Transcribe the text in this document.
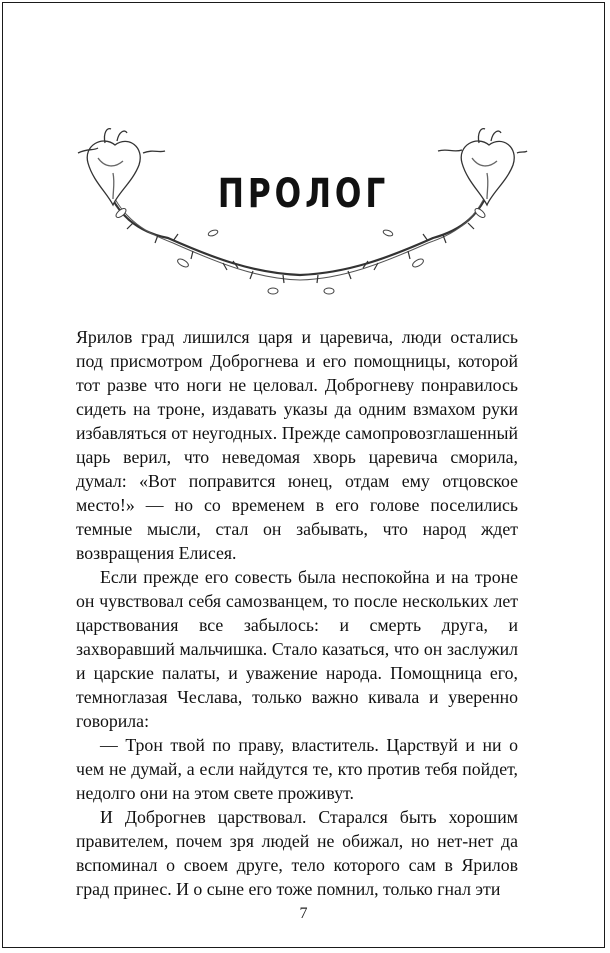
ПРОЛОГ

Ярилов град лишился царя и царевича, люди остались под присмотром Доброгнева и его помощницы, которой тот разве что ноги не целовал. Доброгневу понравилось сидеть на троне, издавать указы да одним взмахом руки избавляться от неугодных. Прежде самопровозглашенный царь верил, что неведомая хворь царевича сморила, думал: «Вот поправится юнец, отдам ему отцовское место!» — но со временем в его голове поселились темные мысли, стал он забывать, что народ ждет возвращения Елисея.

Если прежде его совесть была неспокойна и на троне он чувствовал себя самозванцем, то после нескольких лет царствования все забылось: и смерть друга, и захворавший мальчишка. Стало казаться, что он заслужил и царские палаты, и уважение народа. Помощница его, темноглазая Чеслава, только важно кивала и уверенно говорила:

— Трон твой по праву, властитель. Царствуй и ни о чем не думай, а если найдутся те, кто против тебя пойдет, недолго они на этом свете проживут.

И Доброгнев царствовал. Старался быть хорошим правителем, почем зря людей не обижал, но нет-нет да вспоминал о своем друге, тело которого сам в Ярилов град принес. И о сыне его тоже помнил, только гнал эти

7
